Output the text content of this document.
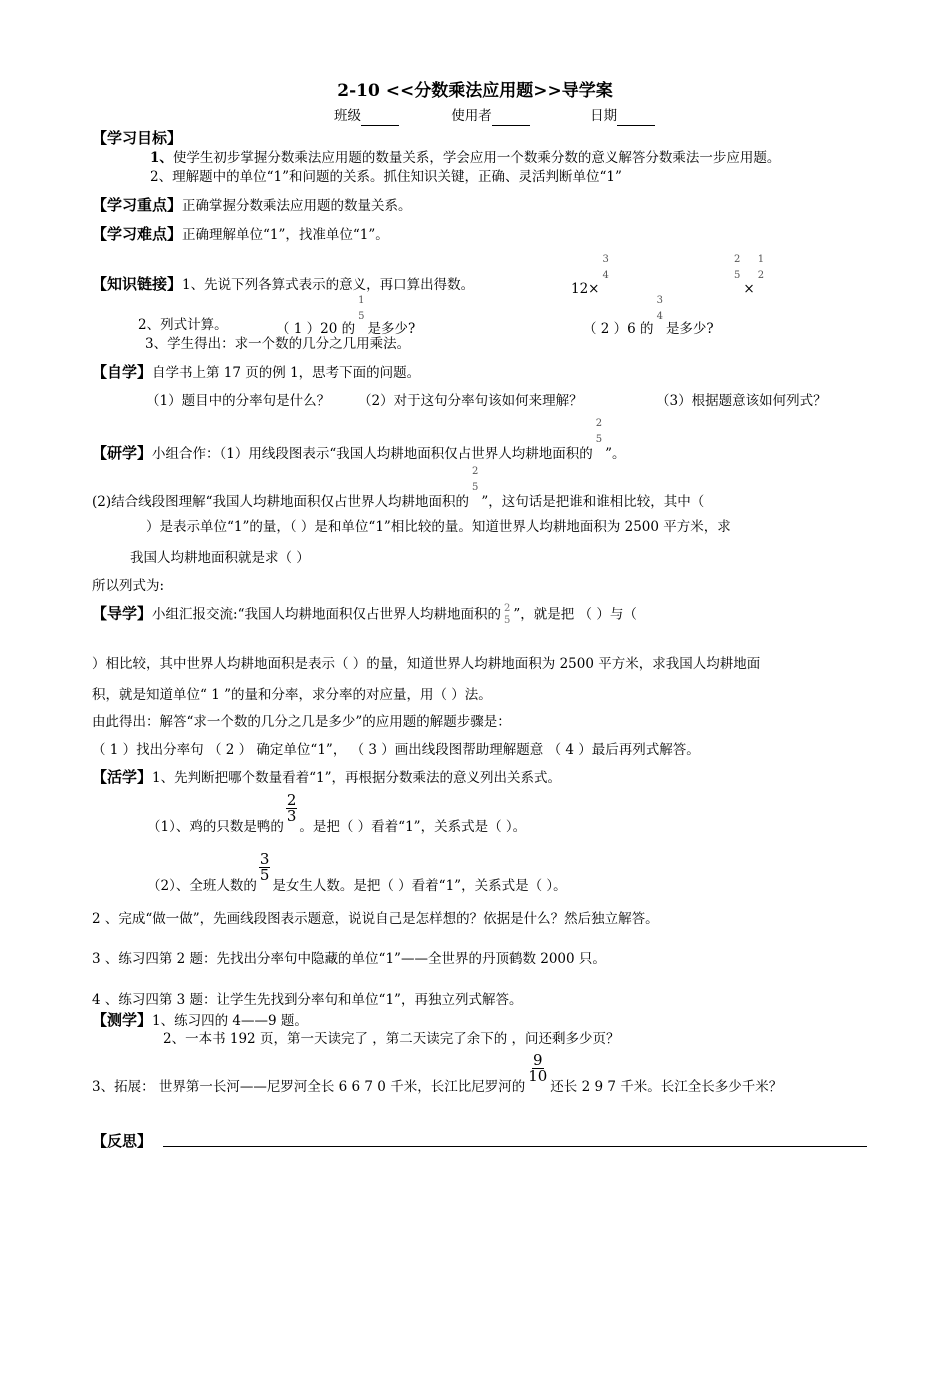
2-10 <<分数乘法应用题>>导学案
班级	使用者	日期
【学习目标】
1、使学生初步掌握分数乘法应用题的数量关系，学会应用一个数乘分数的意义解答分数乘法一步应用题。
2、理解题中的单位“1”和问题的关系。抓住知识关键，正确、灵活判断单位“1”
【学习重点】正确掌握分数乘法应用题的数量关系。
【学习难点】正确理解单位“1”，找准单位“1”。
【知识链接】1、先说下列各算式表示的意义，再口算出得数。	12×
3
4
2
5
×
1
2
2、列式计算。	（ 1 ）20 的
1
5
是多少?	（ 2 ）6 的
3
4
是多少?
3、学生得出：求一个数的几分之几用乘法。
【自学】自学书上第 17 页的例 1，思考下面的问题。
（1）题目中的分率句是什么？ （2）对于这句分率句该如何来理解？	（3）根据题意该如何列式？
【研学】小组合作：（1）用线段图表示“我国人均耕地面积仅占世界人均耕地面积的
2
5
”。
(2)结合线段图理解“我国人均耕地面积仅占世界人均耕地面积的
2
5
”，这句话是把谁和谁相比较，其中（
）是表示单位“1”的量，（ ）是和单位“1”相比较的量。知道世界人均耕地面积为 2500 平方米，求
我国人均耕地面积就是求（ ）
所以列式为:
【导学】小组汇报交流:“我国人均耕地面积仅占世界人均耕地面积的 2
5 ”，就是把 （ ）与（
）相比较，其中世界人均耕地面积是表示（ ）的量，知道世界人均耕地面积为 2500 平方米，求我国人均耕地面
积，就是知道单位“ 1 ”的量和分率，求分率的对应量，用（ ）法。
由此得出：解答“求一个数的几分之几是多少”的应用题的解题步骤是：
（ 1 ）找出分率句 （ 2 ） 确定单位“1”， （ 3 ）画出线段图帮助理解题意 （ 4 ）最后再列式解答。
【活学】1、先判断把哪个数量看着“1”，再根据分数乘法的意义列出关系式。
（1）、鸡的只数是鸭的
$\frac{2}{3}$
。是把（ ）看着“1”，关系式是（ ）。
（2）、全班人数的
$\frac{3}{5}$
是女生人数。是把（ ）看着“1”，关系式是（ ）。
2 、完成“做一做”，先画线段图表示题意，说说自己是怎样想的？依据是什么？然后独立解答。
3 、练习四第 2 题：先找出分率句中隐藏的单位“1”——全世界的丹顶鹤数 2000 只。
4 、练习四第 3 题：让学生先找到分率句和单位“1”，再独立列式解答。
【测学】1、练习四的 4——9 题。
2、一本书 192 页，第一天读完了 ，第二天读完了余下的 ，问还剩多少页？
3、拓展： 世界第一长河——尼罗河全长 6 6 7 0 千米，长江比尼罗河的
$\frac{9}{10}$
还长 2 9 7 千米。长江全长多少千米？
【反思】
